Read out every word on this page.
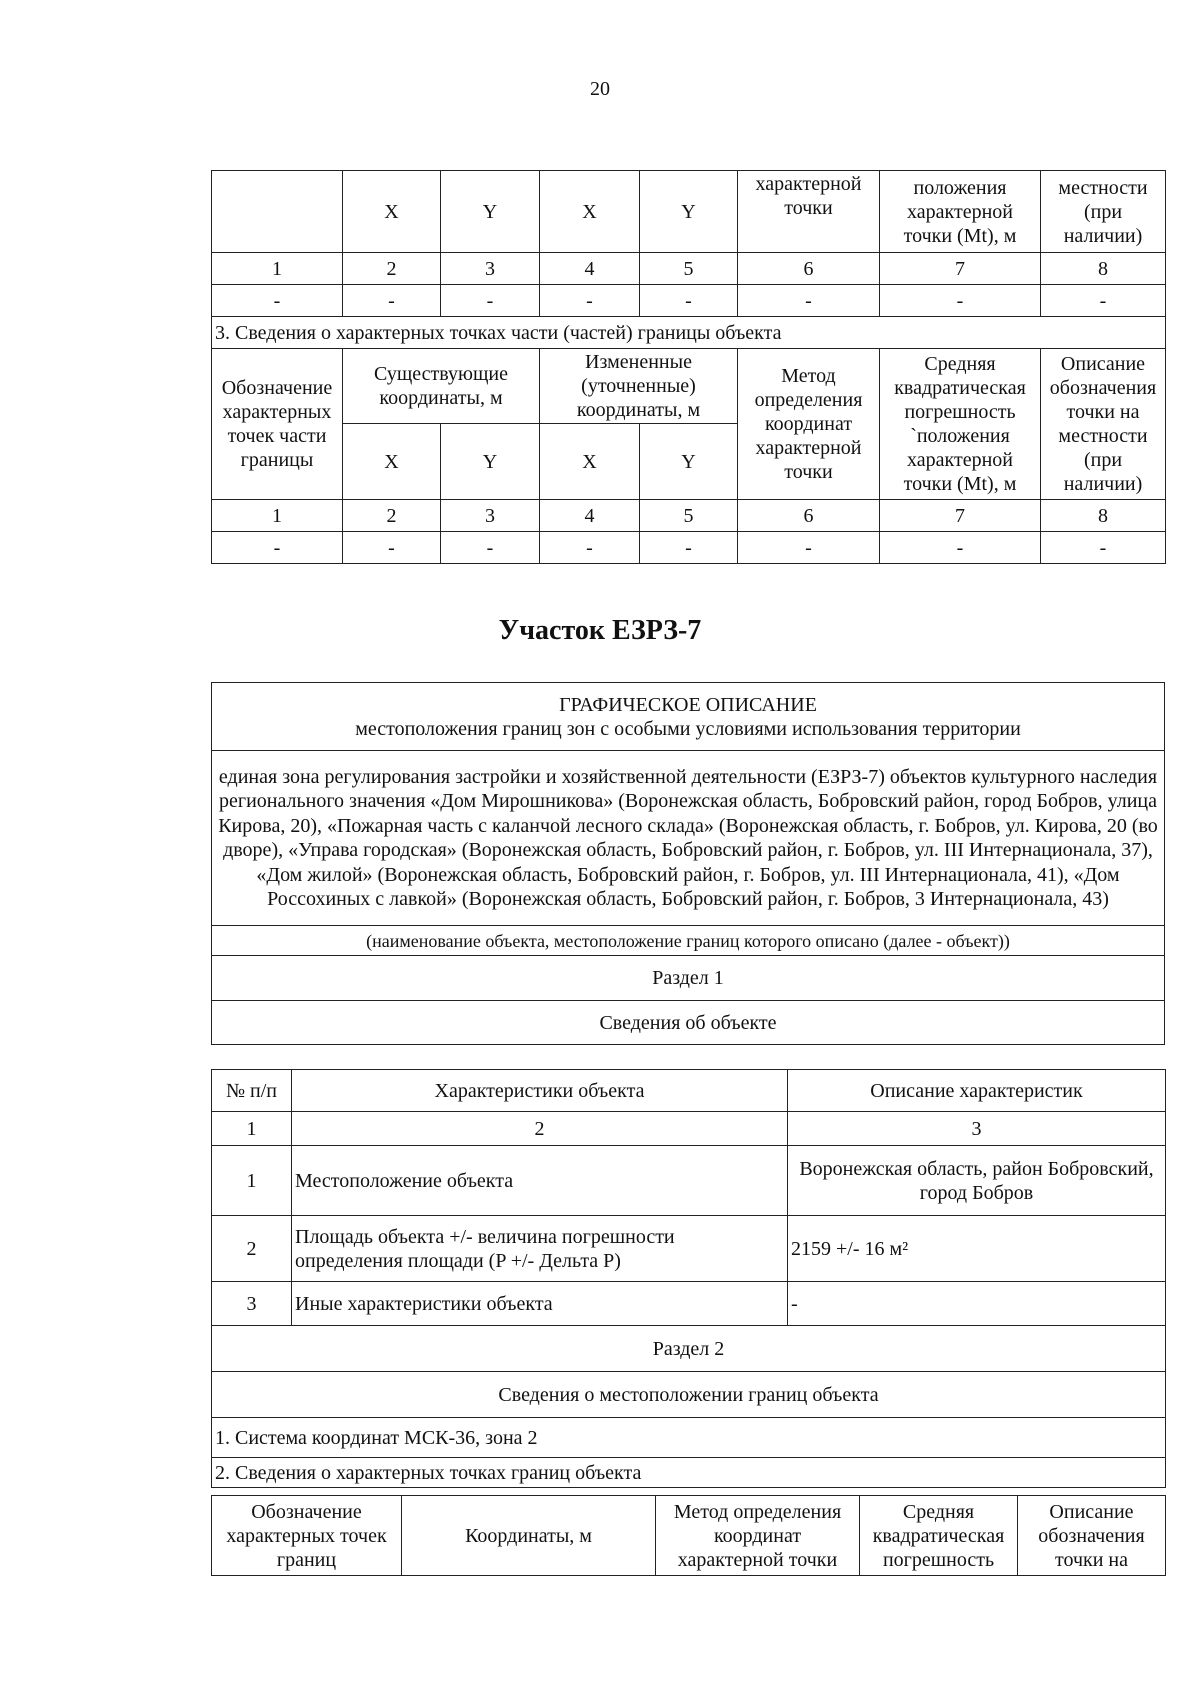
20
	X	Y	X	Y	характерной точки	положения характерной точки (Mt), м	местности (при наличии)
1	2	3	4	5	6	7	8
-	-	-	-	-	-	-	-
3. Сведения о характерных точках части (частей) границы объекта							
Обозначение характерных точек части границы	Существующие координаты, м		Измененные (уточненные) координаты, м		Метод определения координат характерной точки	Средняя квадратическая погрешность `положения характерной точки (Mt), м	Описание обозначения точки на местности (при наличии)
	X	Y	X	Y			
1	2	3	4	5	6	7	8
-	-	-	-	-	-	-	-
Участок ЕЗРЗ-7
ГРАФИЧЕСКОЕ ОПИСАНИЕ
местоположения границ зон с особыми условиями использования территории

единая зона регулирования застройки и хозяйственной деятельности (ЕЗРЗ-7) объектов культурного наследия регионального значения «Дом Мирошникова» (Воронежская область, Бобровский район, город Бобров, улица Кирова, 20), «Пожарная часть с каланчой лесного склада» (Воронежская область, г. Бобров, ул. Кирова, 20 (во дворе), «Управа городская» (Воронежская область, Бобровский район, г. Бобров, ул. III Интернационала, 37), «Дом жилой» (Воронежская область, Бобровский район, г. Бобров, ул. III Интернационала, 41), «Дом Россохиных с лавкой» (Воронежская область, Бобровский район, г. Бобров, 3 Интернационала, 43)
(наименование объекта, местоположение границ которого описано (далее - объект))
Раздел 1
Сведения об объекте
№ п/п	Характеристики объекта	Описание характеристик
1	2	3
1	Местоположение объекта	Воронежская область, район Бобровский, город Бобров
2	Площадь объекта +/- величина погрешности определения площади (P +/- Дельта P)	2159 +/- 16 м²
3	Иные характеристики объекта	-
Раздел 2		
Сведения о местоположении границ объекта		
1. Система координат МСК-36, зона 2		
2. Сведения о характерных точках границ объекта		
Обозначение характерных точек границ	Координаты, м	Метод определения координат характерной точки	Средняя квадратическая погрешность	Описание обозначения точки на
